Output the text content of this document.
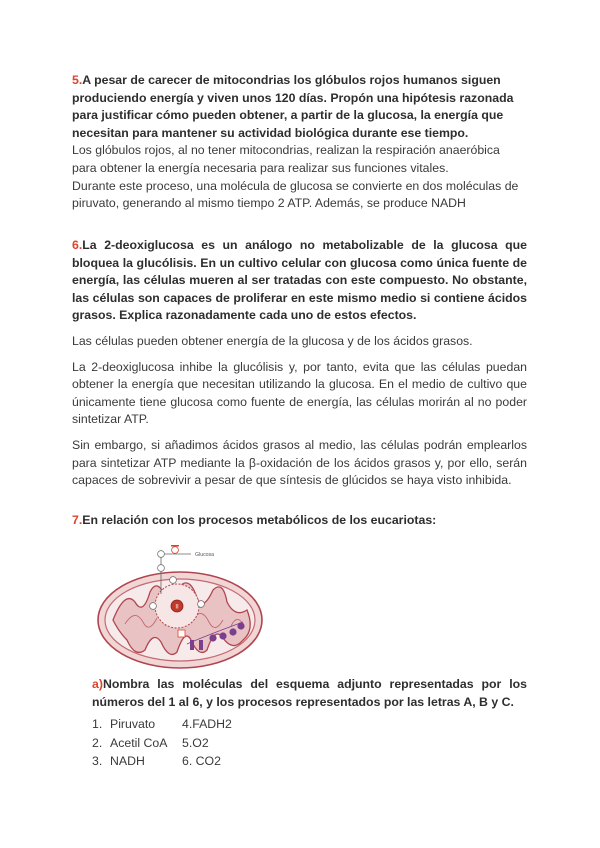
5.A pesar de carecer de mitocondrias los glóbulos rojos humanos siguen produciendo energía y viven unos 120 días. Propón una hipótesis razonada para justificar cómo pueden obtener, a partir de la glucosa, la energía que necesitan para mantener su actividad biológica durante ese tiempo.

Los glóbulos rojos, al no tener mitocondrias, realizan la respiración anaeróbica para obtener la energía necesaria para realizar sus funciones vitales.

Durante este proceso, una molécula de glucosa se convierte en dos moléculas de piruvato, generando al mismo tiempo 2 ATP. Además, se produce NADH

6.La 2-deoxiglucosa es un análogo no metabolizable de la glucosa que bloquea la glucólisis. En un cultivo celular con glucosa como única fuente de energía, las células mueren al ser tratadas con este compuesto. No obstante, las células son capaces de proliferar en este mismo medio si contiene ácidos grasos. Explica razonadamente cada uno de estos efectos.

Las células pueden obtener energía de la glucosa y de los ácidos grasos.

La 2-deoxiglucosa inhibe la glucólisis y, por tanto, evita que las células puedan obtener la energía que necesitan utilizando la glucosa. En el medio de cultivo que únicamente tiene glucosa como fuente de energía, las células morirán al no poder sintetizar ATP.

Sin embargo, si añadimos ácidos grasos al medio, las células podrán emplearlos para sintetizar ATP mediante la β-oxidación de los ácidos grasos y, por ello, serán capaces de sobrevivir a pesar de que síntesis de glúcidos se haya visto inhibida.

7.En relación con los procesos metabólicos de los eucariotas:

II
Glucosa

a)Nombra las moléculas del esquema adjunto representadas por los números del 1 al 6, y los procesos representados por las letras A, B y C.

1. Piruvato	4.FADH2
2. Acetil CoA	5.O2
3. NADH	6. CO2
